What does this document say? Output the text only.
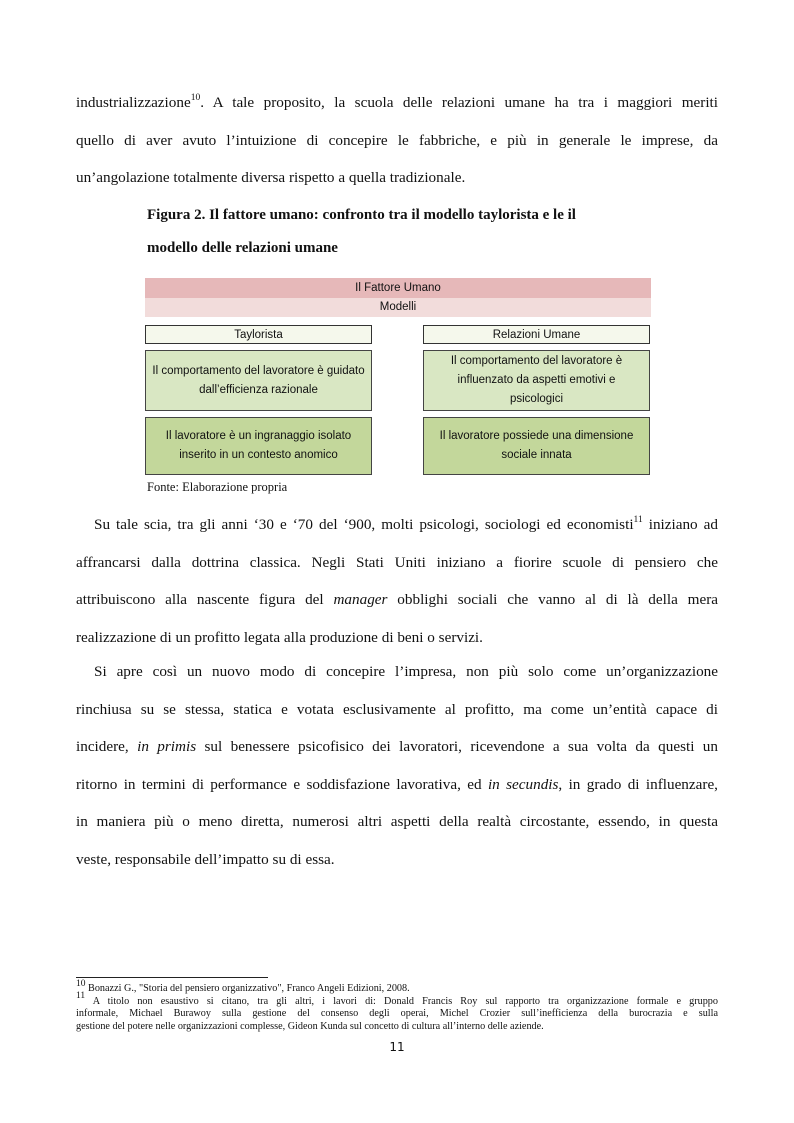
industrializzazione$^{10}$. A tale proposito, la scuola delle relazioni umane ha tra i maggiori meriti
quello di aver avuto l’intuizione di concepire le fabbriche, e più in generale le imprese, da
un’angolazione totalmente diversa rispetto a quella tradizionale.
Figura 2. Il fattore umano: confronto tra il modello taylorista e le il
modello delle relazioni umane
Il Fattore Umano
Modelli
Taylorista	Relazioni Umane
Il comportamento del lavoratore è guidato dall’efficienza razionale
Il comportamento del lavoratore è influenzato da aspetti emotivi e psicologici
Il lavoratore è un ingranaggio isolato inserito in un contesto anomico
Il lavoratore possiede una dimensione sociale innata
Fonte: Elaborazione propria
Su tale scia, tra gli anni ‘30 e ‘70 del ‘900, molti psicologi, sociologi ed economisti$^{11}$ iniziano ad
affrancarsi dalla dottrina classica. Negli Stati Uniti iniziano a fiorire scuole di pensiero che
attribuiscono alla nascente figura del manager obblighi sociali che vanno al di là della mera
realizzazione di un profitto legata alla produzione di beni o servizi.
Si apre così un nuovo modo di concepire l’impresa, non più solo come un’organizzazione
rinchiusa su se stessa, statica e votata esclusivamente al profitto, ma come un’entità capace di
incidere, in primis sul benessere psicofisico dei lavoratori, ricevendone a sua volta da questi un
ritorno in termini di performance e soddisfazione lavorativa, ed in secundis, in grado di influenzare,
in maniera più o meno diretta, numerosi altri aspetti della realtà circostante, essendo, in questa
veste, responsabile dell’impatto su di essa.

$^{10}$ Bonazzi G., "Storia del pensiero organizzativo", Franco Angeli Edizioni, 2008.

$^{11}$ A titolo non esaustivo si citano, tra gli altri, i lavori di: Donald Francis Roy sul rapporto tra organizzazione formale e gruppo
informale, Michael Burawoy sulla gestione del consenso degli operai, Michel Crozier sull’inefficienza della burocrazia e sulla
gestione del potere nelle organizzazioni complesse, Gideon Kunda sul concetto di cultura all’interno delle aziende.

11
